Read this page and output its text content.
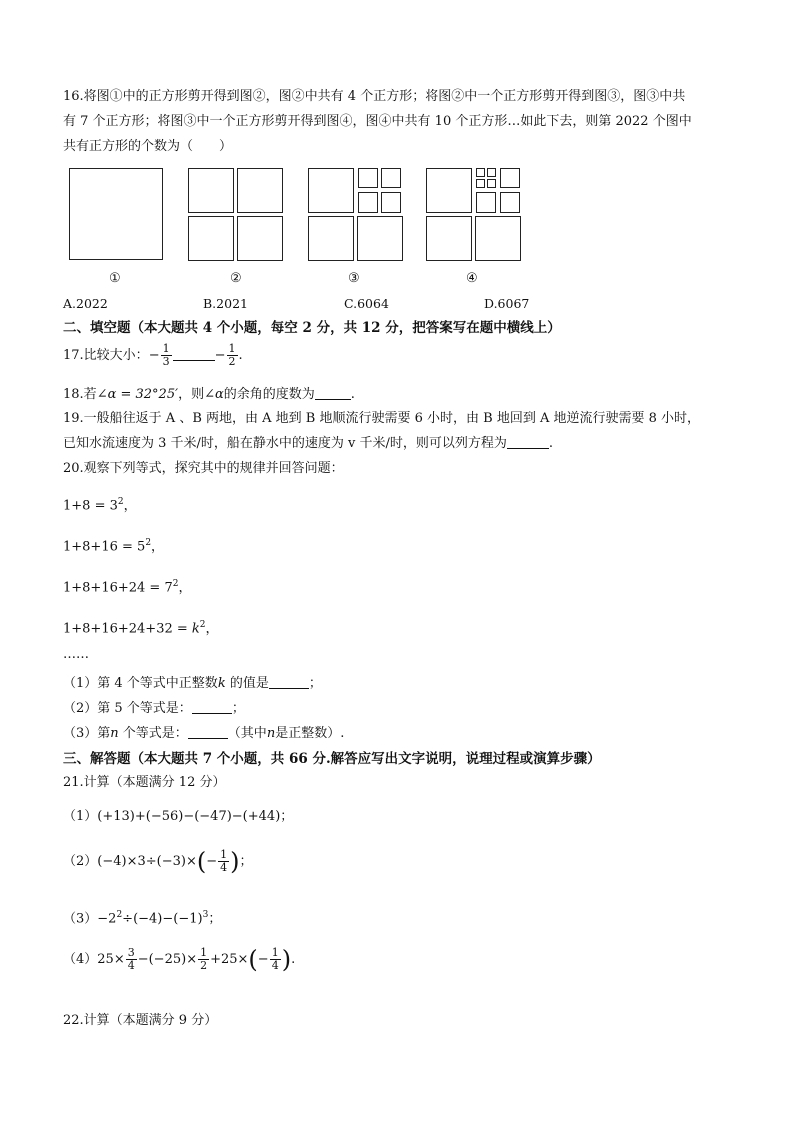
16.将图①中的正方形剪开得到图②，图②中共有 4 个正方形；将图②中一个正方形剪开得到图③，图③中共
有 7 个正方形；将图③中一个正方形剪开得到图④，图④中共有 10 个正方形…如此下去，则第 2022 个图中
共有正方形的个数为（　　）
①	②	③	④
A.2022	B.2021	C.6064	D.6067
二、填空题（本大题共 4 个小题，每空 2 分，共 12 分，把答案写在题中横线上）
17.比较大小：− $\frac{1}{3}$	− $\frac{1}{2}$ .
18.若∠α = 32°25′，则∠α的余角的度数为	.
19.一般船往返于 A 、B 两地，由 A 地到 B 地顺流行驶需要 6 小时，由 B 地回到 A 地逆流行驶需要 8 小时，
已知水流速度为 3 千米/时，船在静水中的速度为 v 千米/时，则可以列方程为	.
20.观察下列等式，探究其中的规律并回答问题：
$1+8 = 3^2$，
$1+8+16 = 5^2$，
$1+8+16+24 = 7^2$，
$1+8+16+24+32 = k^2$，
……
（1）第 4 个等式中正整数k 的值是	；
（2）第 5 个等式是：	；
（3）第n 个等式是：	（其中n是正整数）.
三、解答题（本大题共 7 个小题，共 66 分.解答应写出文字说明，说理过程或演算步骤）
21.计算（本题满分 12 分）
（1）(+13)+(−56)−(−47)−(+44)；
$(2)(-4)\times 3\div(-3)\times(- \frac{1}{4}$ )；
$(3)-2^2\div(-4)-(-1)^3$；
$(4)25\times \frac{3}{4} -(-25)\times \frac{1}{2} +25\times(- \frac{1}{4}$ ).
22.计算（本题满分 9 分）
